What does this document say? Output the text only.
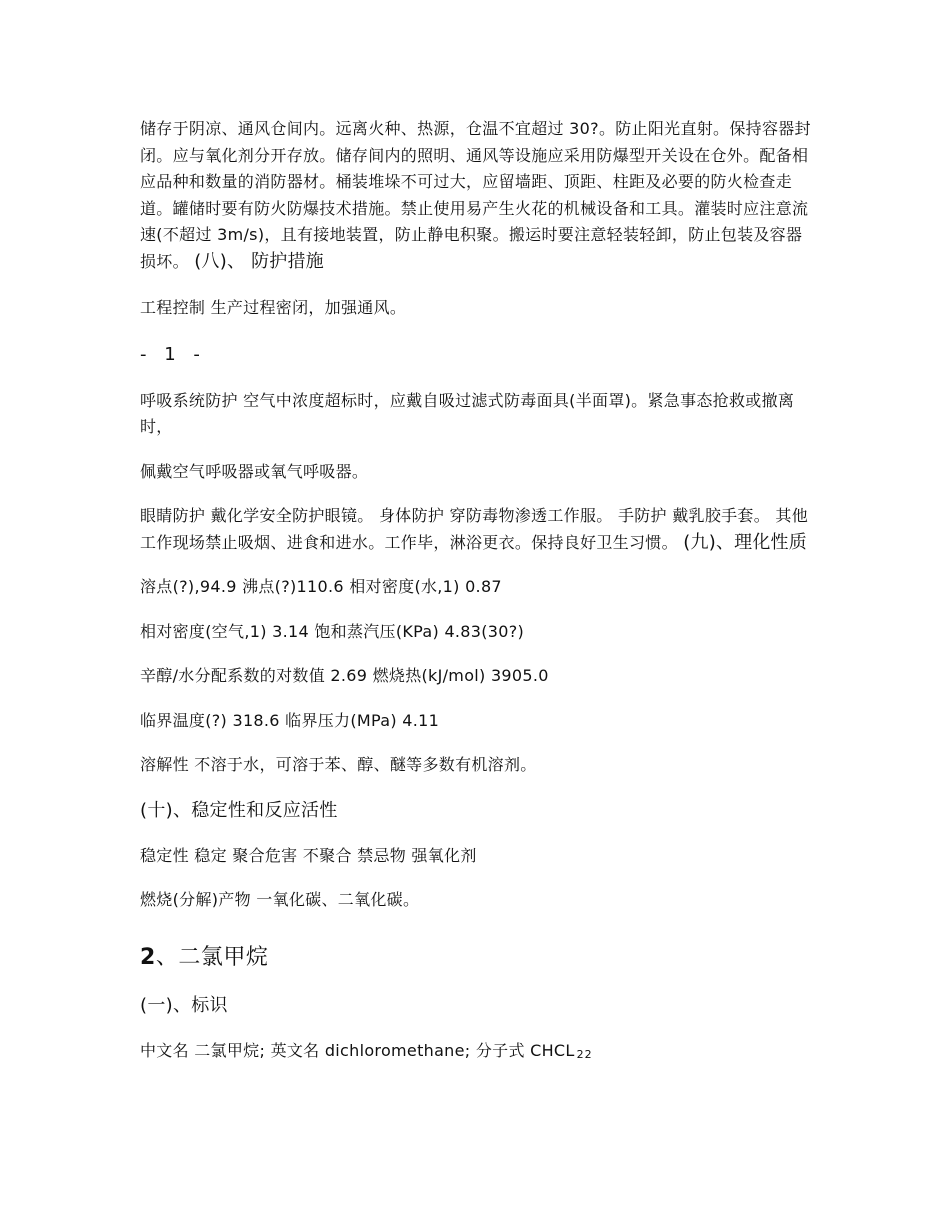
储存于阴凉、通风仓间内。远离火种、热源，仓温不宜超过 30?。防止阳光直射。保持容器封闭。应与氧化剂分开存放。储存间内的照明、通风等设施应采用防爆型开关设在仓外。配备相应品种和数量的消防器材。桶装堆垛不可过大，应留墙距、顶距、柱距及必要的防火检查走道。罐储时要有防火防爆技术措施。禁止使用易产生火花的机械设备和工具。灌装时应注意流速(不超过 3m/s)，且有接地装置，防止静电积聚。搬运时要注意轻装轻卸，防止包装及容器损坏。 (八)、 防护措施

工程控制 生产过程密闭，加强通风。

- 1 -

呼吸系统防护 空气中浓度超标时，应戴自吸过滤式防毒面具(半面罩)。紧急事态抢救或撤离时，

佩戴空气呼吸器或氧气呼吸器。

眼睛防护 戴化学安全防护眼镜。 身体防护 穿防毒物渗透工作服。 手防护 戴乳胶手套。 其他 工作现场禁止吸烟、进食和进水。工作毕，淋浴更衣。保持良好卫生习惯。 (九)、理化性质

溶点(?),94.9 沸点(?)110.6 相对密度(水,1) 0.87

相对密度(空气,1) 3.14 饱和蒸汽压(KPa) 4.83(30?)

辛醇/水分配系数的对数值 2.69 燃烧热(kJ/mol) 3905.0

临界温度(?) 318.6 临界压力(MPa) 4.11

溶解性 不溶于水，可溶于苯、醇、醚等多数有机溶剂。

(十)、稳定性和反应活性

稳定性 稳定 聚合危害 不聚合 禁忌物 强氧化剂

燃烧(分解)产物 一氧化碳、二氧化碳。

2、二氯甲烷

(一)、标识

中文名 二氯甲烷; 英文名 dichloromethane; 分子式 CHCL 22
